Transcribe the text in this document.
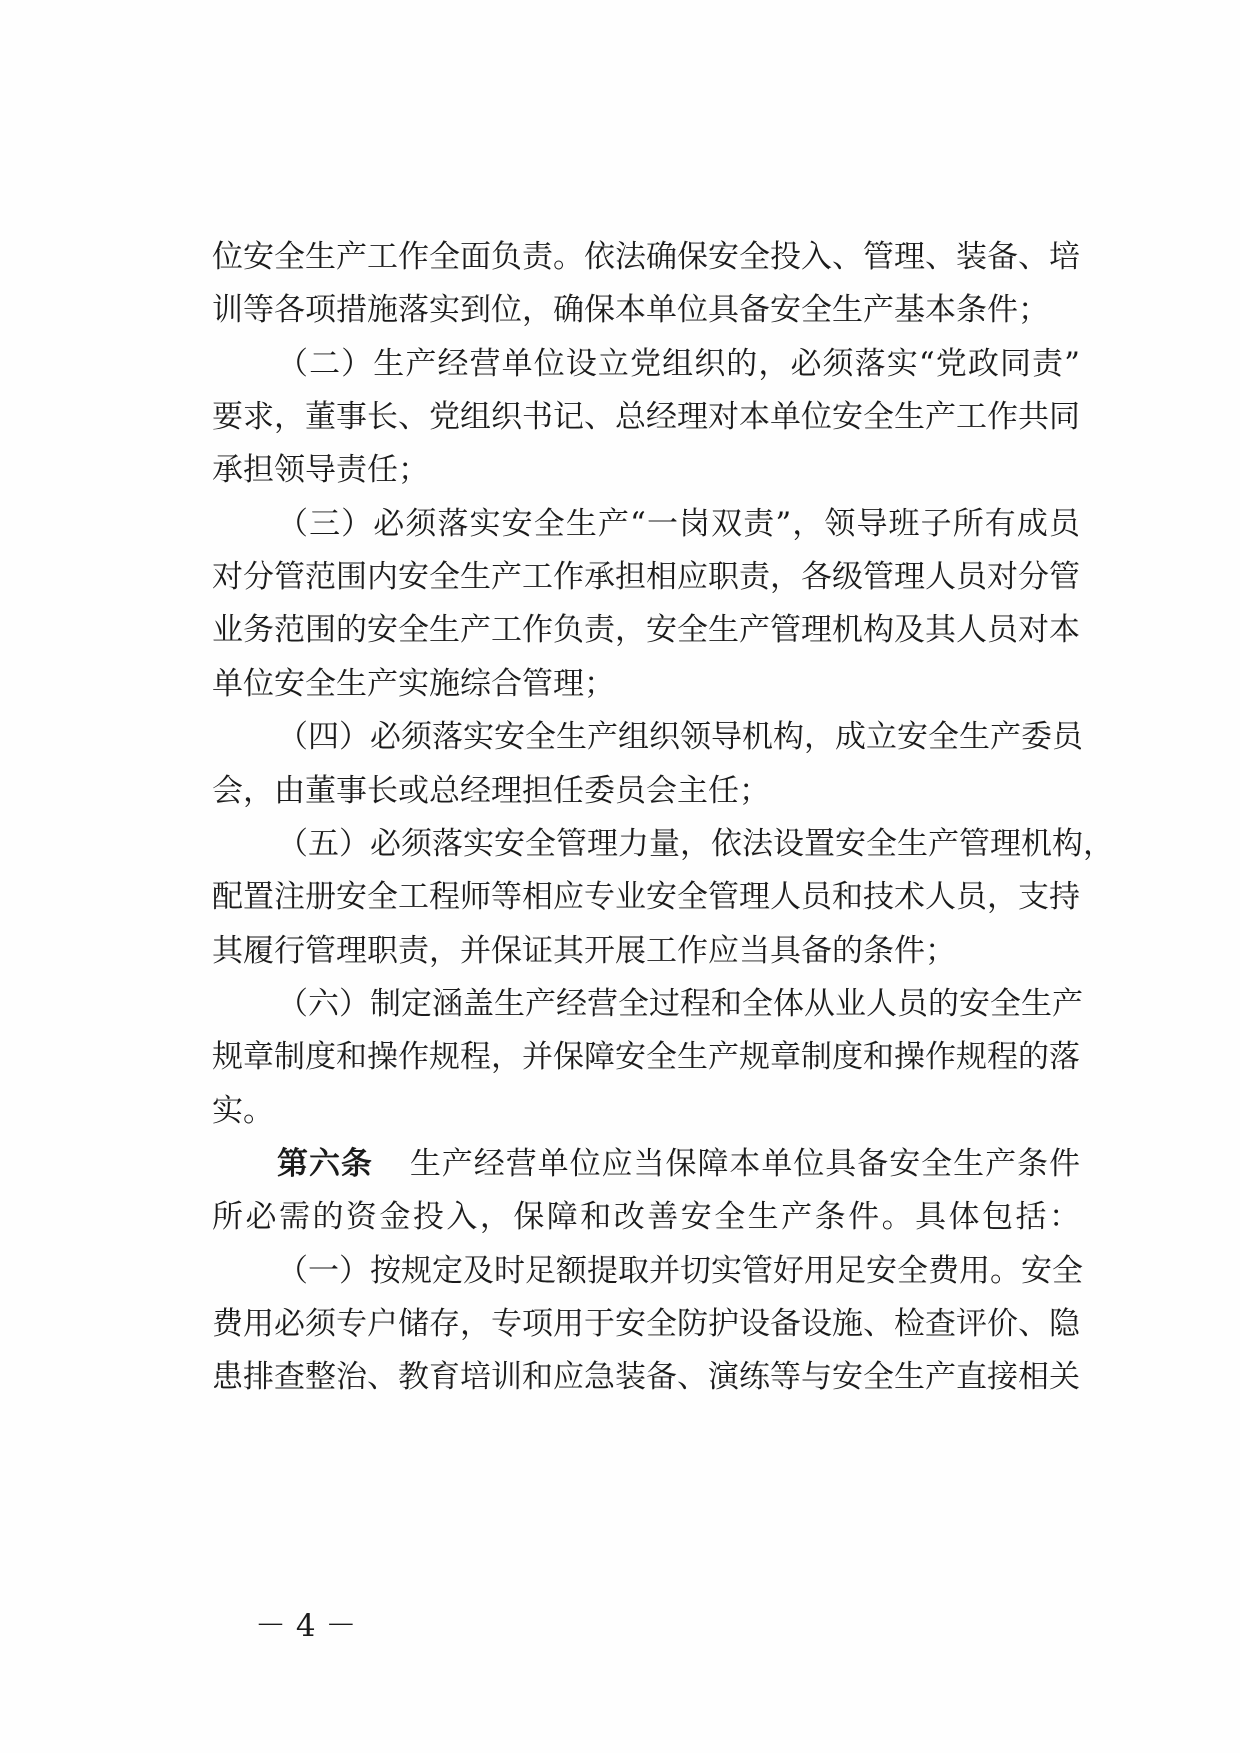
位安全生产工作全面负责。依法确保安全投入、管理、装备、培
训等各项措施落实到位，确保本单位具备安全生产基本条件；
（二）生产经营单位设立党组织的，必须落实“党政同责”
要求，董事长、党组织书记、总经理对本单位安全生产工作共同
承担领导责任；
（三）必须落实安全生产“一岗双责”，领导班子所有成员
对分管范围内安全生产工作承担相应职责，各级管理人员对分管
业务范围的安全生产工作负责，安全生产管理机构及其人员对本
单位安全生产实施综合管理；
（四）必须落实安全生产组织领导机构，成立安全生产委员
会，由董事长或总经理担任委员会主任；
（五）必须落实安全管理力量，依法设置安全生产管理机构，
配置注册安全工程师等相应专业安全管理人员和技术人员，支持
其履行管理职责，并保证其开展工作应当具备的条件；
（六）制定涵盖生产经营全过程和全体从业人员的安全生产
规章制度和操作规程，并保障安全生产规章制度和操作规程的落
实。
第六条 生产经营单位应当保障本单位具备安全生产条件
所必需的资金投入，保障和改善安全生产条件。具体包括：
（一）按规定及时足额提取并切实管好用足安全费用。安全
费用必须专户储存，专项用于安全防护设备设施、检查评价、隐
患排查整治、教育培训和应急装备、演练等与安全生产直接相关
－ 4 －
